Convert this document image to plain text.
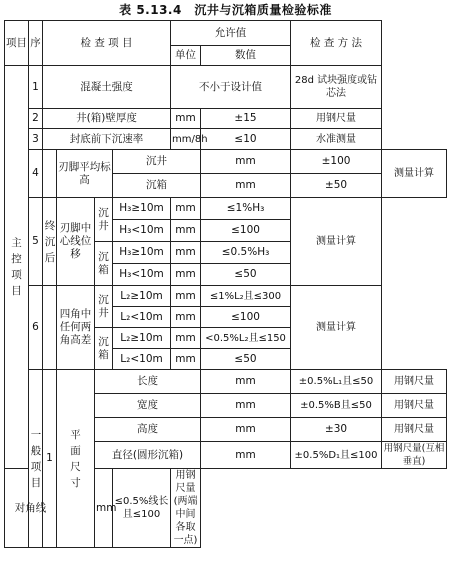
表 5.13.4　沉井与沉箱质量检验标准
项目	序	检 查 项 目				允许值		检 查 方 法	
						单位	数值		
主控项目	1	混凝土强度				不小于设计值		28d 试块强度或钻芯法	
	2	井(箱)壁厚度				mm	±15	用钢尺量	
	3	封底前下沉速率				mm/8h	≤10	水准测量	
	4		刃脚平均标高		沉井		mm	±100	测量计算
					沉箱		mm	±50	
	5	终沉后	刃脚中心线位移	沉井	H₃≥10m	mm	≤1%H₃	测量计算	
					H₃<10m	mm	≤100		
				沉箱	H₃≥10m	mm	≤0.5%H₃		
					H₃<10m	mm	≤50		
	6		四角中任何两角高差	沉井	L₂≥10m	mm	≤1%L₂且≤300	测量计算	
					L₂<10m	mm	≤100		
				沉箱	L₂≥10m	mm	<0.5%L₂且≤150		
					L₂<10m	mm	≤50		
	一般项目	1	平面尺寸	长度			mm	±0.5%L₁且≤50	用钢尺量
				宽度			mm	±0.5%B且≤50	用钢尺量
				高度			mm	±30	用钢尺量
				直径(圆形沉箱)			mm	±0.5%D₁且≤100	用钢尺量(互相垂直)
对角线				mm	≤0.5%线长且≤100	用钢尺量(两端中间各取一点)			
